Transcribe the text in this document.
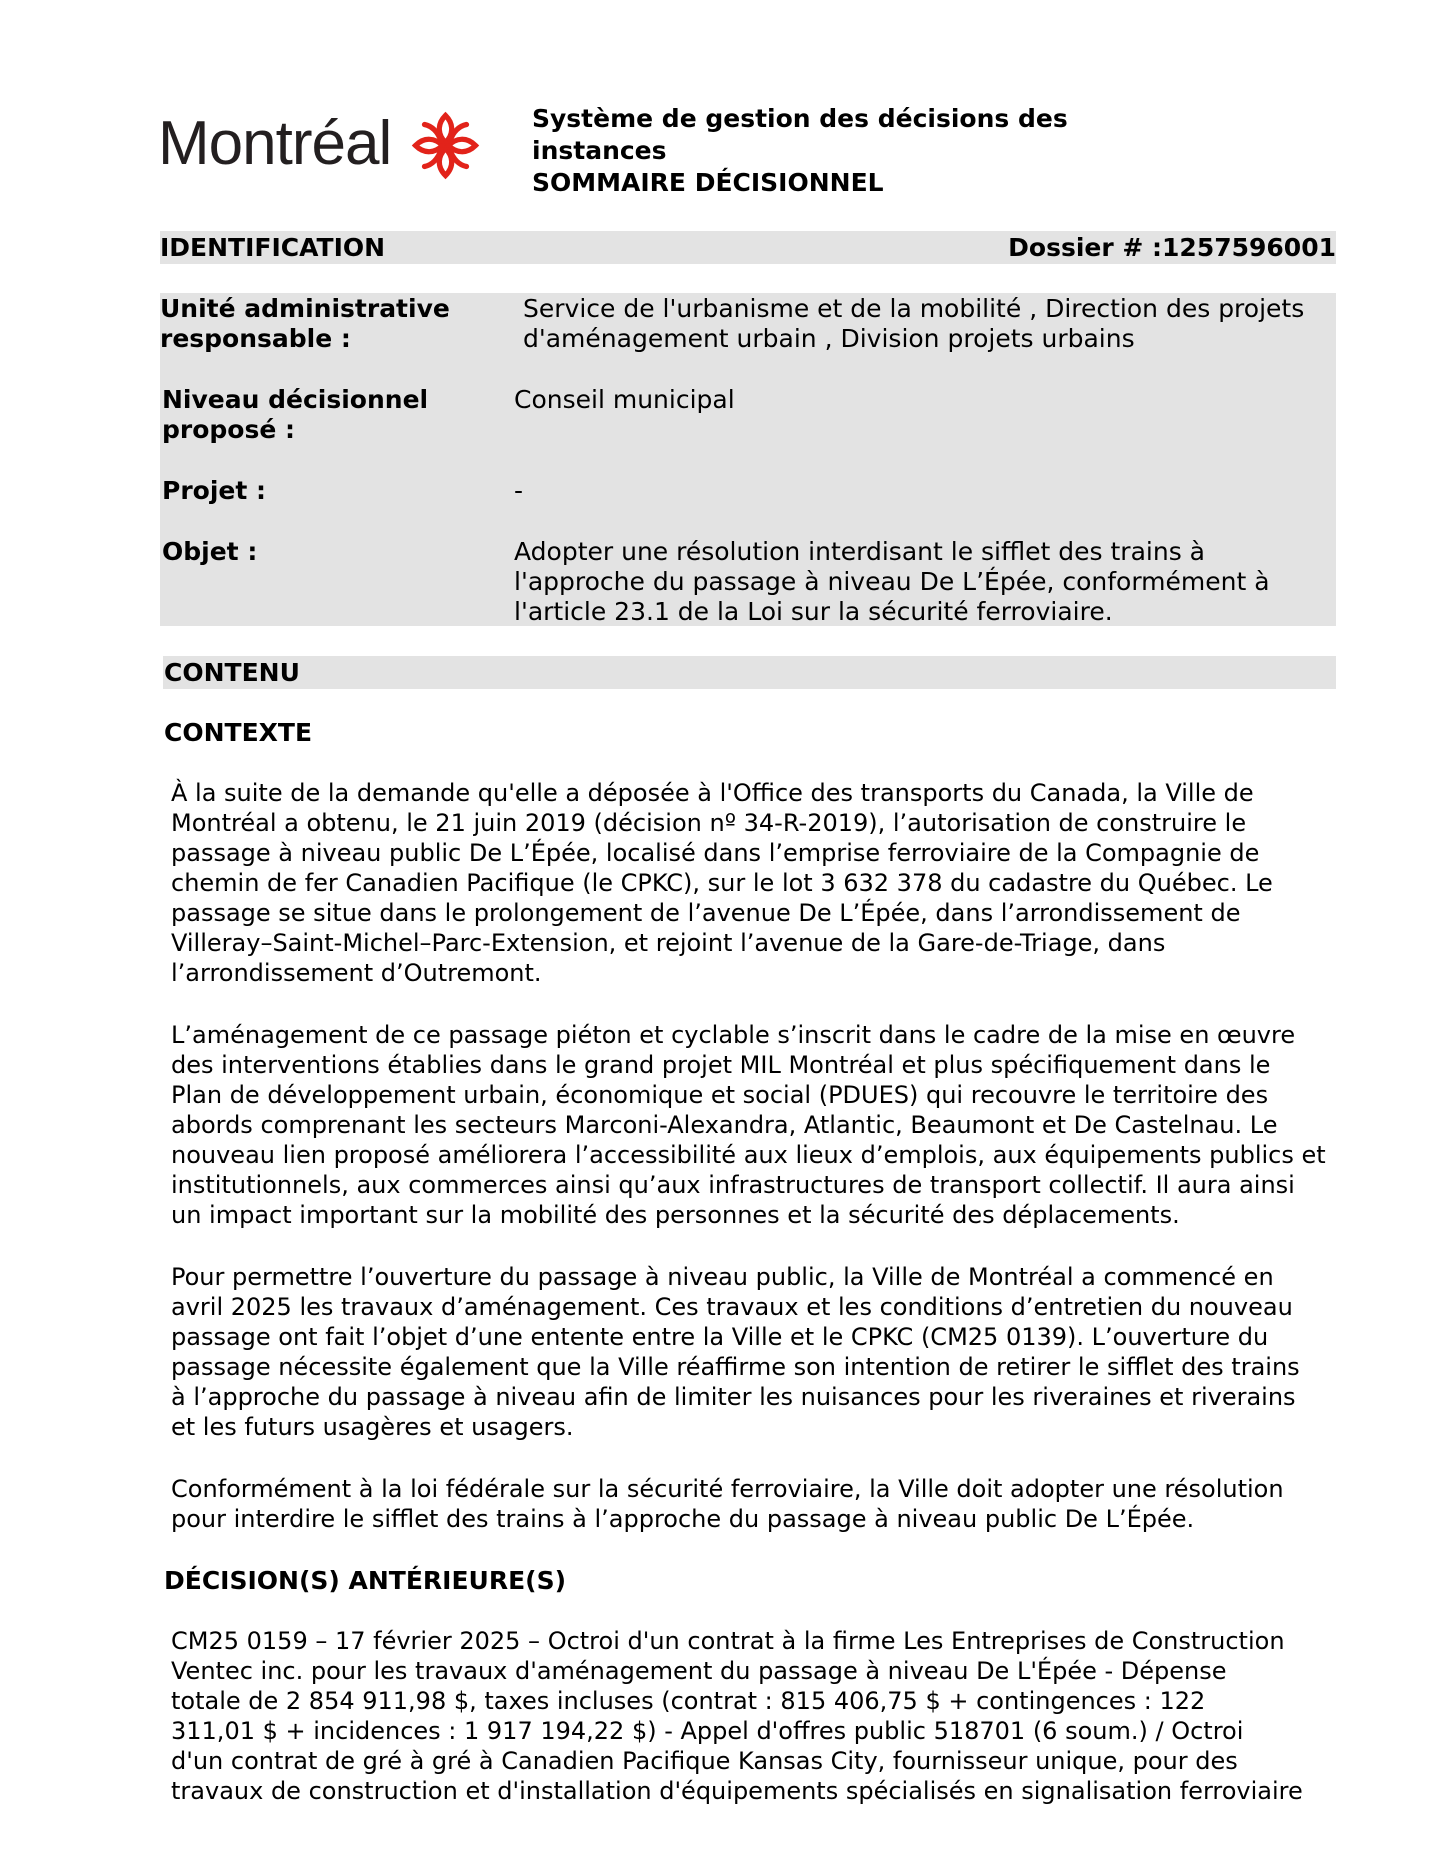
Montréal	Système de gestion des décisions des
instances
SOMMAIRE DÉCISIONNEL
IDENTIFICATION	Dossier # :1257596001
Unité administrative
responsable :
Service de l'urbanisme et de la mobilité , Direction des projets
d'aménagement urbain , Division projets urbains
Niveau décisionnel
proposé :
Conseil municipal
Projet :	-
Objet :	Adopter une résolution interdisant le sifflet des trains à
l'approche du passage à niveau De L’Épée, conformément à
l'article 23.1 de la Loi sur la sécurité ferroviaire.
CONTENU
CONTEXTE
À la suite de la demande qu'elle a déposée à l'Office des transports du Canada, la Ville de
Montréal a obtenu, le 21 juin 2019 (décision nº 34-R-2019), l’autorisation de construire le
passage à niveau public De L’Épée, localisé dans l’emprise ferroviaire de la Compagnie de
chemin de fer Canadien Pacifique (le CPKC), sur le lot 3 632 378 du cadastre du Québec. Le
passage se situe dans le prolongement de l’avenue De L’Épée, dans l’arrondissement de
Villeray–Saint-Michel–Parc-Extension, et rejoint l’avenue de la Gare-de-Triage, dans
l’arrondissement d’Outremont.
L’aménagement de ce passage piéton et cyclable s’inscrit dans le cadre de la mise en œuvre
des interventions établies dans le grand projet MIL Montréal et plus spécifiquement dans le
Plan de développement urbain, économique et social (PDUES) qui recouvre le territoire des
abords comprenant les secteurs Marconi-Alexandra, Atlantic, Beaumont et De Castelnau. Le
nouveau lien proposé améliorera l’accessibilité aux lieux d’emplois, aux équipements publics et
institutionnels, aux commerces ainsi qu’aux infrastructures de transport collectif. Il aura ainsi
un impact important sur la mobilité des personnes et la sécurité des déplacements.
Pour permettre l’ouverture du passage à niveau public, la Ville de Montréal a commencé en
avril 2025 les travaux d’aménagement. Ces travaux et les conditions d’entretien du nouveau
passage ont fait l’objet d’une entente entre la Ville et le CPKC (CM25 0139). L’ouverture du
passage nécessite également que la Ville réaffirme son intention de retirer le sifflet des trains
à l’approche du passage à niveau afin de limiter les nuisances pour les riveraines et riverains
et les futurs usagères et usagers.
Conformément à la loi fédérale sur la sécurité ferroviaire, la Ville doit adopter une résolution
pour interdire le sifflet des trains à l’approche du passage à niveau public De L’Épée.
DÉCISION(S) ANTÉRIEURE(S)
CM25 0159 – 17 février 2025 – Octroi d'un contrat à la firme Les Entreprises de Construction
Ventec inc. pour les travaux d'aménagement du passage à niveau De L'Épée - Dépense
totale de 2 854 911,98 $, taxes incluses (contrat : 815 406,75 $ + contingences : 122
311,01 $ + incidences : 1 917 194,22 $) - Appel d'offres public 518701 (6 soum.) / Octroi
d'un contrat de gré à gré à Canadien Pacifique Kansas City, fournisseur unique, pour des
travaux de construction et d'installation d'équipements spécialisés en signalisation ferroviaire
